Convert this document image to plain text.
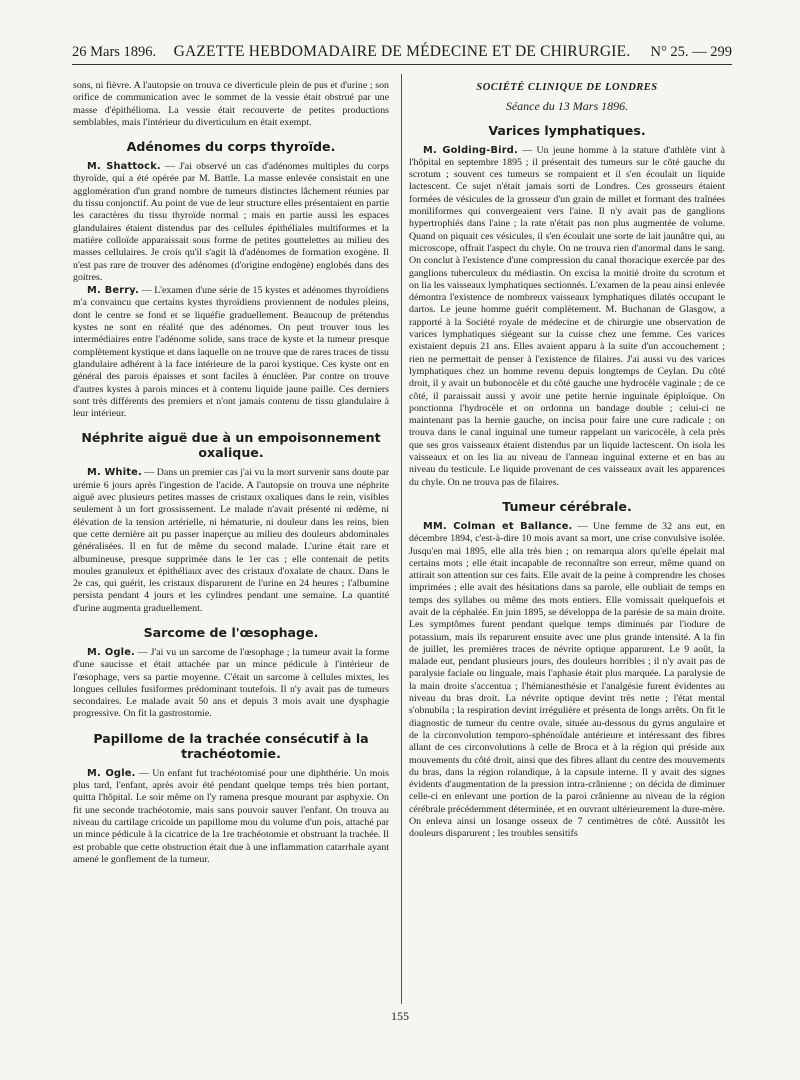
26 Mars 1896.	GAZETTE HEBDOMADAIRE DE MÉDECINE ET DE CHIRURGIE.	N° 25. — 299

sons, ni fièvre. A l'autopsie on trouva ce diverticule plein de pus et d'urine ; son orifice de communication avec le sommet de la vessie était obstrué par une masse d'épithélioma. La vessie était recouverte de petites productions semblables, mais l'intérieur du diverticulum en était exempt.

Adénomes du corps thyroïde.

M. Shattock. — J'ai observé un cas d'adénomes multiples du corps thyroïde, qui a été opérée par M. Battle. La masse enlevée consistait en une agglomération d'un grand nombre de tumeurs distinctes lâchement réunies par du tissu conjonctif. Au point de vue de leur structure elles présentaient en partie les caractères du tissu thyroïde normal ; mais en partie aussi les espaces glandulaires étaient distendus par des cellules épithéliales multiformes et la matière colloïde apparaissait sous forme de petites gouttelettes au milieu des masses cellulaires. Je crois qu'il s'agit là d'adénomes de formation exogène. Il n'est pas rare de trouver des adénomes (d'origine endogène) englobés dans des goitres.

M. Berry. — L'examen d'une série de 15 kystes et adénomes thyroïdiens m'a convaincu que certains kystes thyroïdiens proviennent de nodules pleins, dont le centre se fond et se liquéfie graduellement. Beaucoup de prétendus kystes ne sont en réalité que des adénomes. On peut trouver tous les intermédiaires entre l'adénome solide, sans trace de kyste et la tumeur presque complètement kystique et dans laquelle on ne trouve que de rares traces de tissu glandulaire adhérent à la face intérieure de la paroi kystique. Ces kyste ont en général des parois épaisses et sont faciles à énucléer. Par contre on trouve d'autres kystes à parois minces et à contenu liquide jaune paille. Ces derniers sont très différents des premiers et n'ont jamais contenu de tissu glandulaire à leur intérieur.

Néphrite aiguë due à un empoisonnement oxalique.

M. White. — Dans un premier cas j'ai vu la mort survenir sans doute par urémie 6 jours après l'ingestion de l'acide. A l'autopsie on trouva une néphrite aiguë avec plusieurs petites masses de cristaux oxaliques dans le rein, visibles seulement à un fort grossissement. Le malade n'avait présenté ni œdème, ni élévation de la tension artérielle, ni hématurie, ni douleur dans les reins, bien que cette dernière ait pu passer inaperçue au milieu des douleurs abdominales généralisées. Il en fut de même du second malade. L'urine était rare et albumineuse, presque supprimée dans le 1er cas ; elle contenait de petits moules granuleux et épithéliaux avec des cristaux d'oxalate de chaux. Dans le 2e cas, qui guérit, les cristaux disparurent de l'urine en 24 heures ; l'albumine persista pendant 4 jours et les cylindres pendant une semaine. La quantité d'urine augmenta graduellement.

Sarcome de l'œsophage.

M. Ogle. — J'ai vu un sarcome de l'œsophage ; la tumeur avait la forme d'une saucisse et était attachée par un mince pédicule à l'intérieur de l'œsophage, vers sa partie moyenne. C'était un sarcome à cellules mixtes, les longues cellules fusiformes prédominant toutefois. Il n'y avait pas de tumeurs secondaires. Le malade avait 50 ans et depuis 3 mois avait une dysphagie progressive. On fit la gastrostomie.

Papillome de la trachée consécutif à la trachéotomie.

M. Ogle. — Un enfant fut trachéotomisé pour une diphthérie. Un mois plus tard, l'enfant, après avoir été pendant quelque temps très bien portant, quitta l'hôpital. Le soir même on l'y ramena presque mourant par asphyxie. On fit une seconde trachéotomie, mais sans pouvoir sauver l'enfant. On trouva au niveau du cartilage cricoïde un papillome mou du volume d'un pois, attaché par un mince pédicule à la cicatrice de la 1re trachéotomie et obstruant la trachée. Il est probable que cette obstruction était due à une inflammation catarrhale ayant amené le gonflement de la tumeur.

SOCIÉTÉ CLINIQUE DE LONDRES
Séance du 13 Mars 1896.
Varices lymphatiques.

M. Golding-Bird. — Un jeune homme à la stature d'athlète vint à l'hôpital en septembre 1895 ; il présentait des tumeurs sur le côté gauche du scrotum ; souvent ces tumeurs se rompaient et il s'en écoulait un liquide lactescent. Ce sujet n'était jamais sorti de Londres. Ces grosseurs étaient formées de vésicules de la grosseur d'un grain de millet et formant des traînées moniliformes qui convergeaient vers l'aine. Il n'y avait pas de ganglions hypertrophiés dans l'aine ; la rate n'était pas non plus augmentée de volume. Quand on piquait ces vésicules, il s'en écoulait une sorte de lait jaunâtre qui, au microscope, offrait l'aspect du chyle. On ne trouva rien d'anormal dans le sang. On conclut à l'existence d'une compression du canal thoracique exercée par des ganglions tuberculeux du médiastin. On excisa la moitié droite du scrotum et on lia les vaisseaux lymphatiques sectionnés. L'examen de la peau ainsi enlevée démontra l'existence de nombreux vaisseaux lymphatiques dilatés occupant le dartos. Le jeune homme guérit complètement. M. Buchanan de Glasgow, a rapporté à la Société royale de médecine et de chirurgie une observation de varices lymphatiques siégeant sur la cuisse chez une femme. Ces varices existaient depuis 21 ans. Elles avaient apparu à la suite d'un accouchement ; rien ne permettait de penser à l'existence de filaires. J'ai aussi vu des varices lymphatiques chez un homme revenu depuis longtemps de Ceylan. Du côté droit, il y avait un bubonocèle et du côté gauche une hydrocèle vaginale ; de ce côté, il paraissait aussi y avoir une petite hernie inguinale épiploïque. On ponctionna l'hydrocèle et on ordonna un bandage double ; celui-ci ne maintenant pas la hernie gauche, on incisa pour faire une cure radicale ; on trouva dans le canal inguinal une tumeur rappelant un varicocèle, à cela près que ses gros vaisseaux étaient distendus par un liquide lactescent. On isola les vaisseaux et on les lia au niveau de l'anneau inguinal externe et en bas au niveau du testicule. Le liquide provenant de ces vaisseaux avait les apparences du chyle. On ne trouva pas de filaires.

Tumeur cérébrale.

MM. Colman et Ballance. — Une femme de 32 ans eut, en décembre 1894, c'est-à-dire 10 mois avant sa mort, une crise convulsive isolée. Jusqu'en mai 1895, elle alla très bien ; on remarqua alors qu'elle épelait mal certains mots ; elle était incapable de reconnaître son erreur, même quand on attirait son attention sur ces faits. Elle avait de la peine à comprendre les choses imprimées ; elle avait des hésitations dans sa parole, elle oubliait de temps en temps des syllabes ou même des mots entiers. Elle vomissait quelquefois et avait de la céphalée. En juin 1895, se développa de la parésie de sa main droite. Les symptômes furent pendant quelque temps diminués par l'iodure de potassium, mais ils reparurent ensuite avec une plus grande intensité. A la fin de juillet, les premières traces de névrite optique apparurent. Le 9 août, la malade eut, pendant plusieurs jours, des douleurs horribles ; il n'y avait pas de paralysie faciale ou linguale, mais l'aphasie était plus marquée. La paralysie de la main droite s'accentua ; l'hémianesthésie et l'analgésie furent évidentes au niveau du bras droit. La névrite optique devint très nette ; l'état mental s'obnubila ; la respiration devint irrégulière et présenta de longs arrêts. On fit le diagnostic de tumeur du centre ovale, située au-dessous du gyrus angulaire et de la circonvolution temporo-sphénoïdale antérieure et intéressant des fibres allant de ces circonvolutions à celle de Broca et à la région qui préside aux mouvements du côté droit, ainsi que des fibres allant du centre des mouvements du bras, dans la région rolandique, à la capsule interne. Il y avait des signes évidents d'augmentation de la pression intra-crânienne ; on décida de diminuer celle-ci en enlevant une portion de la paroi crânienne au niveau de la région cérébrale précédemment déterminée, et en ouvrant ultérieurement la dure-mère. On enleva ainsi un losange osseux de 7 centimètres de côté. Aussitôt les douleurs disparurent ; les troubles sensitifs

155
